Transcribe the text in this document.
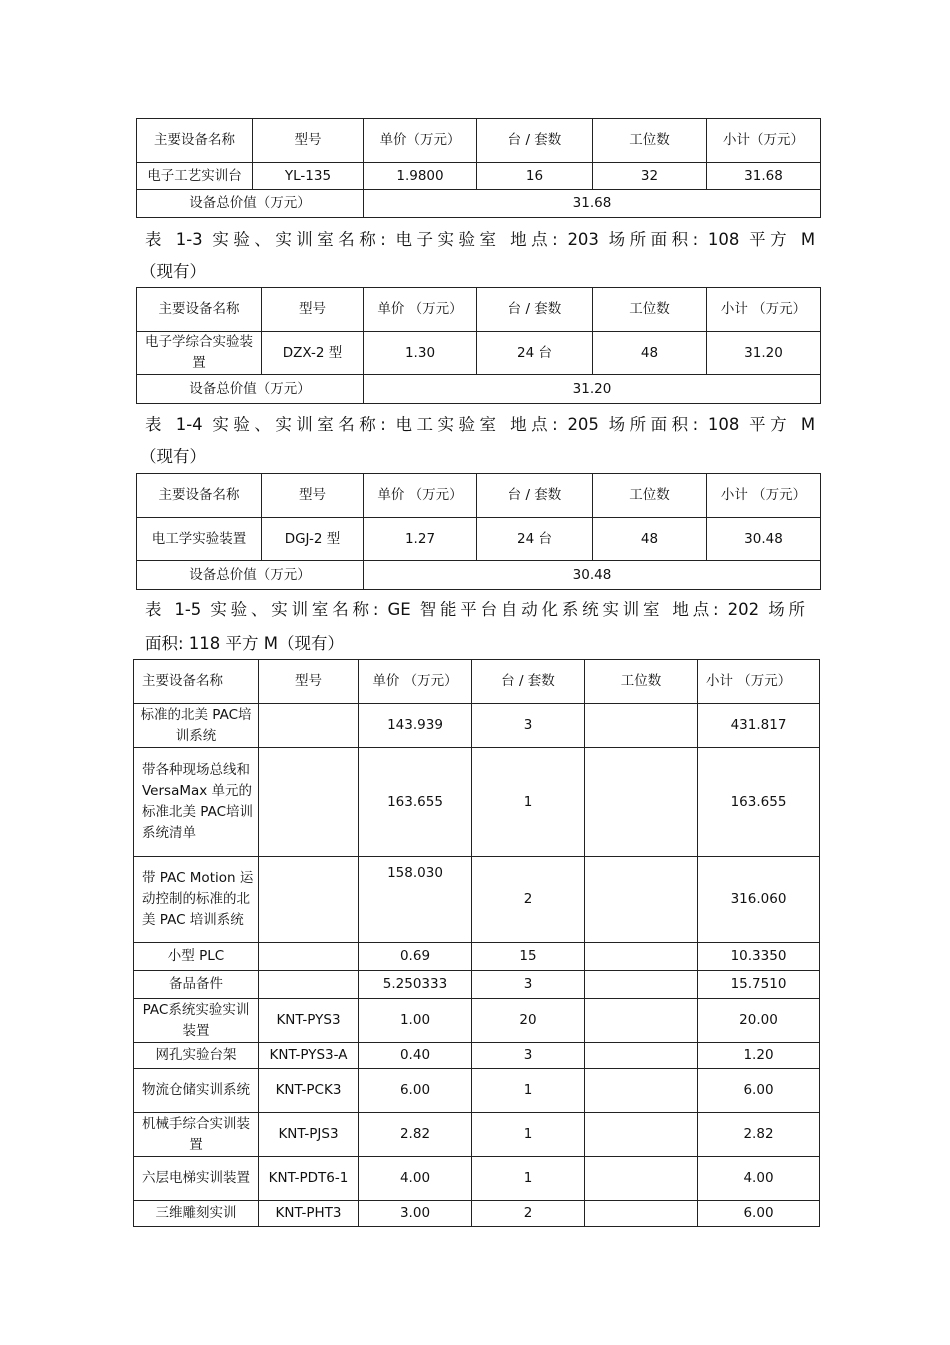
主要设备名称	型号	单价（万元）	台 / 套数	工位数	小计（万元）
电子工艺实训台	YL-135	1.9800	16	32	31.68
设备总价值（万元）		31.68			
表 1-3 实验、实训室名称: 电子实验室 地点: 203 场所面积: 108 平方 M
（现有）
主要设备名称	型号	单价 （万元）	台 / 套数	工位数	小计 （万元）
电子学综合实验装置	DZX-2 型	1.30	24 台	48	31.20
设备总价值（万元）		31.20			
表 1-4 实验、实训室名称: 电工实验室 地点: 205 场所面积: 108 平方 M
（现有）
主要设备名称	型号	单价 （万元）	台 / 套数	工位数	小计 （万元）
电工学实验装置	DGJ-2 型	1.27	24 台	48	30.48
设备总价值（万元）		30.48			
表 1-5 实验、实训室名称: GE 智能平台自动化系统实训室 地点: 202 场所
面积: 118 平方 M（现有）
主要设备名称	型号	单价 （万元）	台 / 套数	工位数	小计 （万元）
标准的北美 PAC培训系统		143.939	3		431.817
带各种现场总线和 VersaMax 单元的标准北美 PAC培训系统清单		163.655	1		163.655
带 PAC Motion 运动控制的标准的北美 PAC 培训系统		158.030	2		316.060
小型 PLC		0.69	15		10.3350
备品备件		5.250333	3		15.7510
PAC系统实验实训装置	KNT-PYS3	1.00	20		20.00
网孔实验台架	KNT-PYS3-A	0.40	3		1.20
物流仓储实训系统	KNT-PCK3	6.00	1		6.00
机械手综合实训装置	KNT-PJS3	2.82	1		2.82
六层电梯实训装置	KNT-PDT6-1	4.00	1		4.00
三维雕刻实训	KNT-PHT3	3.00	2		6.00
